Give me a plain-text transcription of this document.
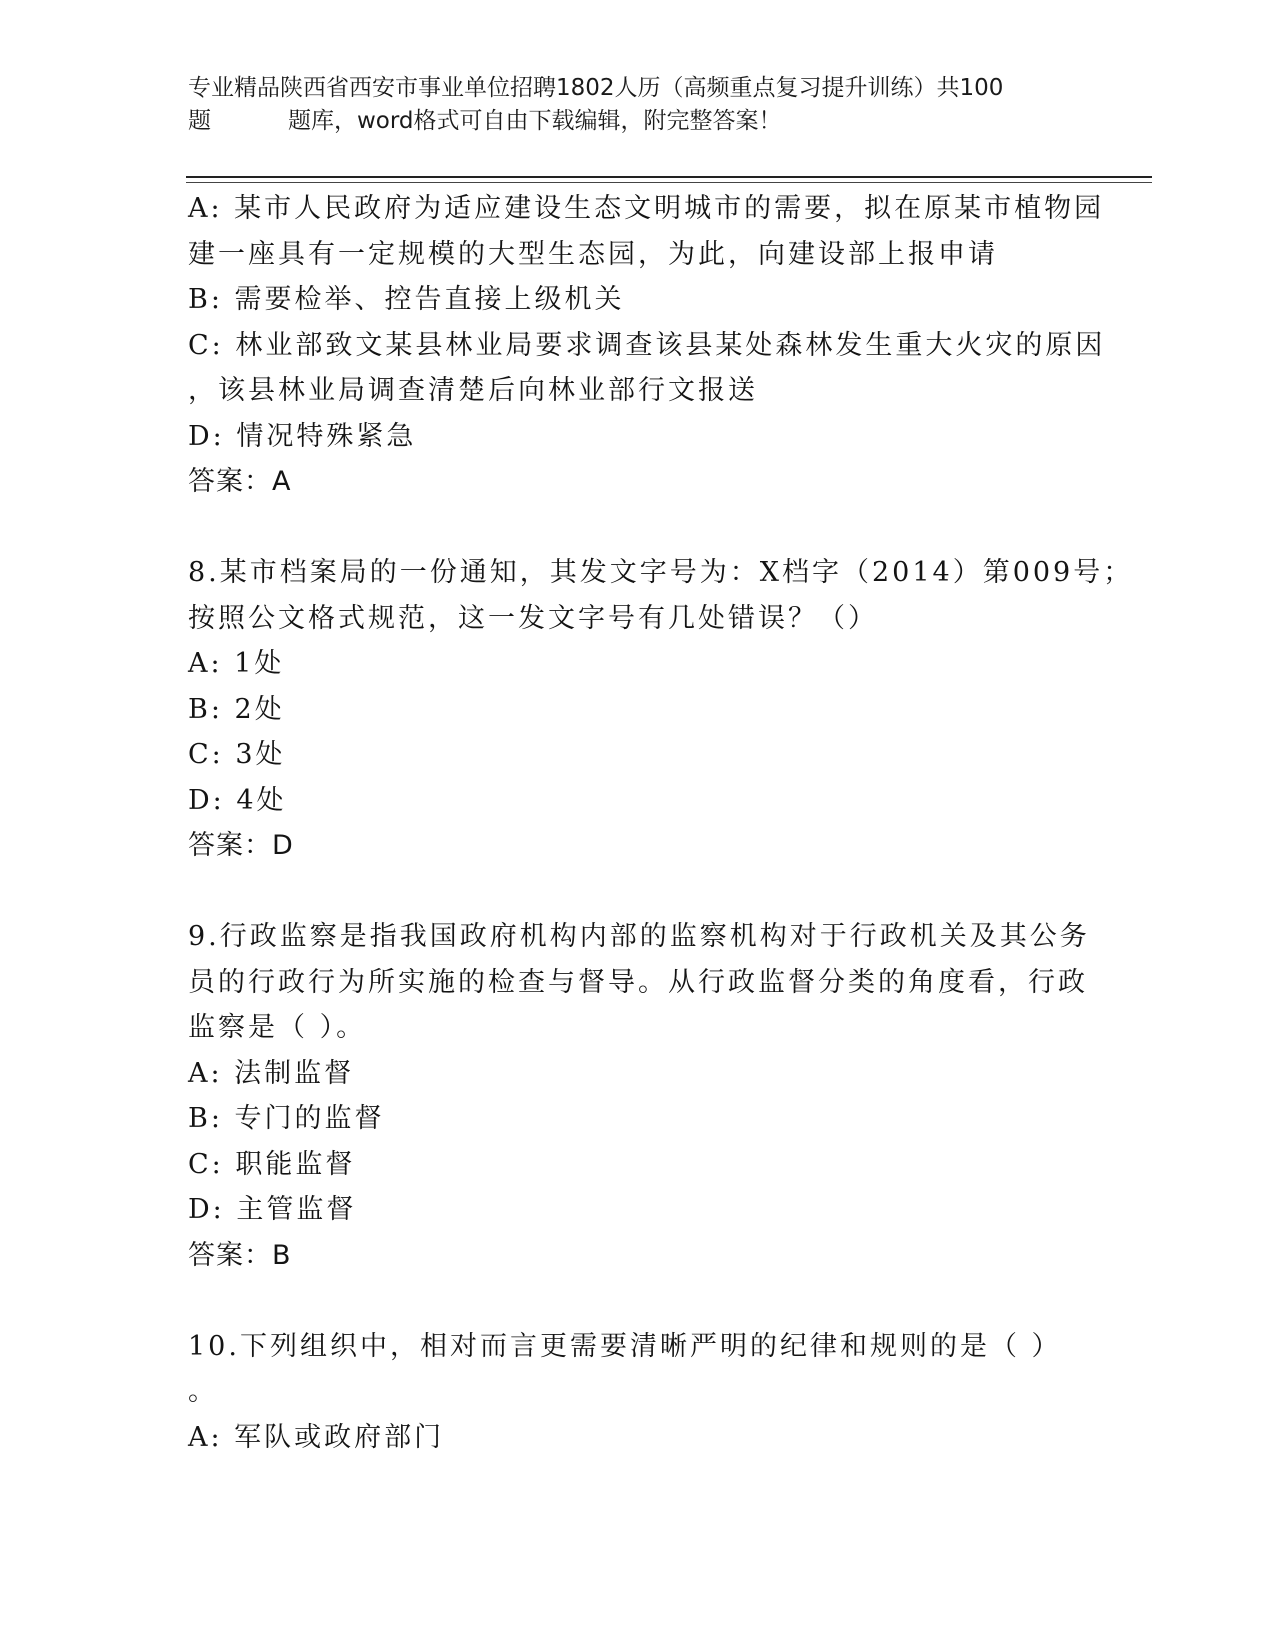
专业精品陕西省西安市事业单位招聘1802人历（高频重点复习提升训练）共100
题	题库，word格式可自由下载编辑，附完整答案！
A: 某市人民政府为适应建设生态文明城市的需要，拟在原某市植物园
建一座具有一定规模的大型生态园，为此，向建设部上报申请
B: 需要检举、控告直接上级机关
C: 林业部致文某县林业局要求调查该县某处森林发生重大火灾的原因
，该县林业局调查清楚后向林业部行文报送
D: 情况特殊紧急
答案：A
8.某市档案局的一份通知，其发文字号为：X档字（2014）第009号；
按照公文格式规范，这一发文字号有几处错误？（）
A: 1处
B: 2处
C: 3处
D: 4处
答案：D
9.行政监察是指我国政府机构内部的监察机构对于行政机关及其公务
员的行政行为所实施的检查与督导。从行政监督分类的角度看，行政
监察是（ ）。
A: 法制监督
B: 专门的监督
C: 职能监督
D: 主管监督
答案：B
10.下列组织中，相对而言更需要清晰严明的纪律和规则的是（ ）
。
A: 军队或政府部门
